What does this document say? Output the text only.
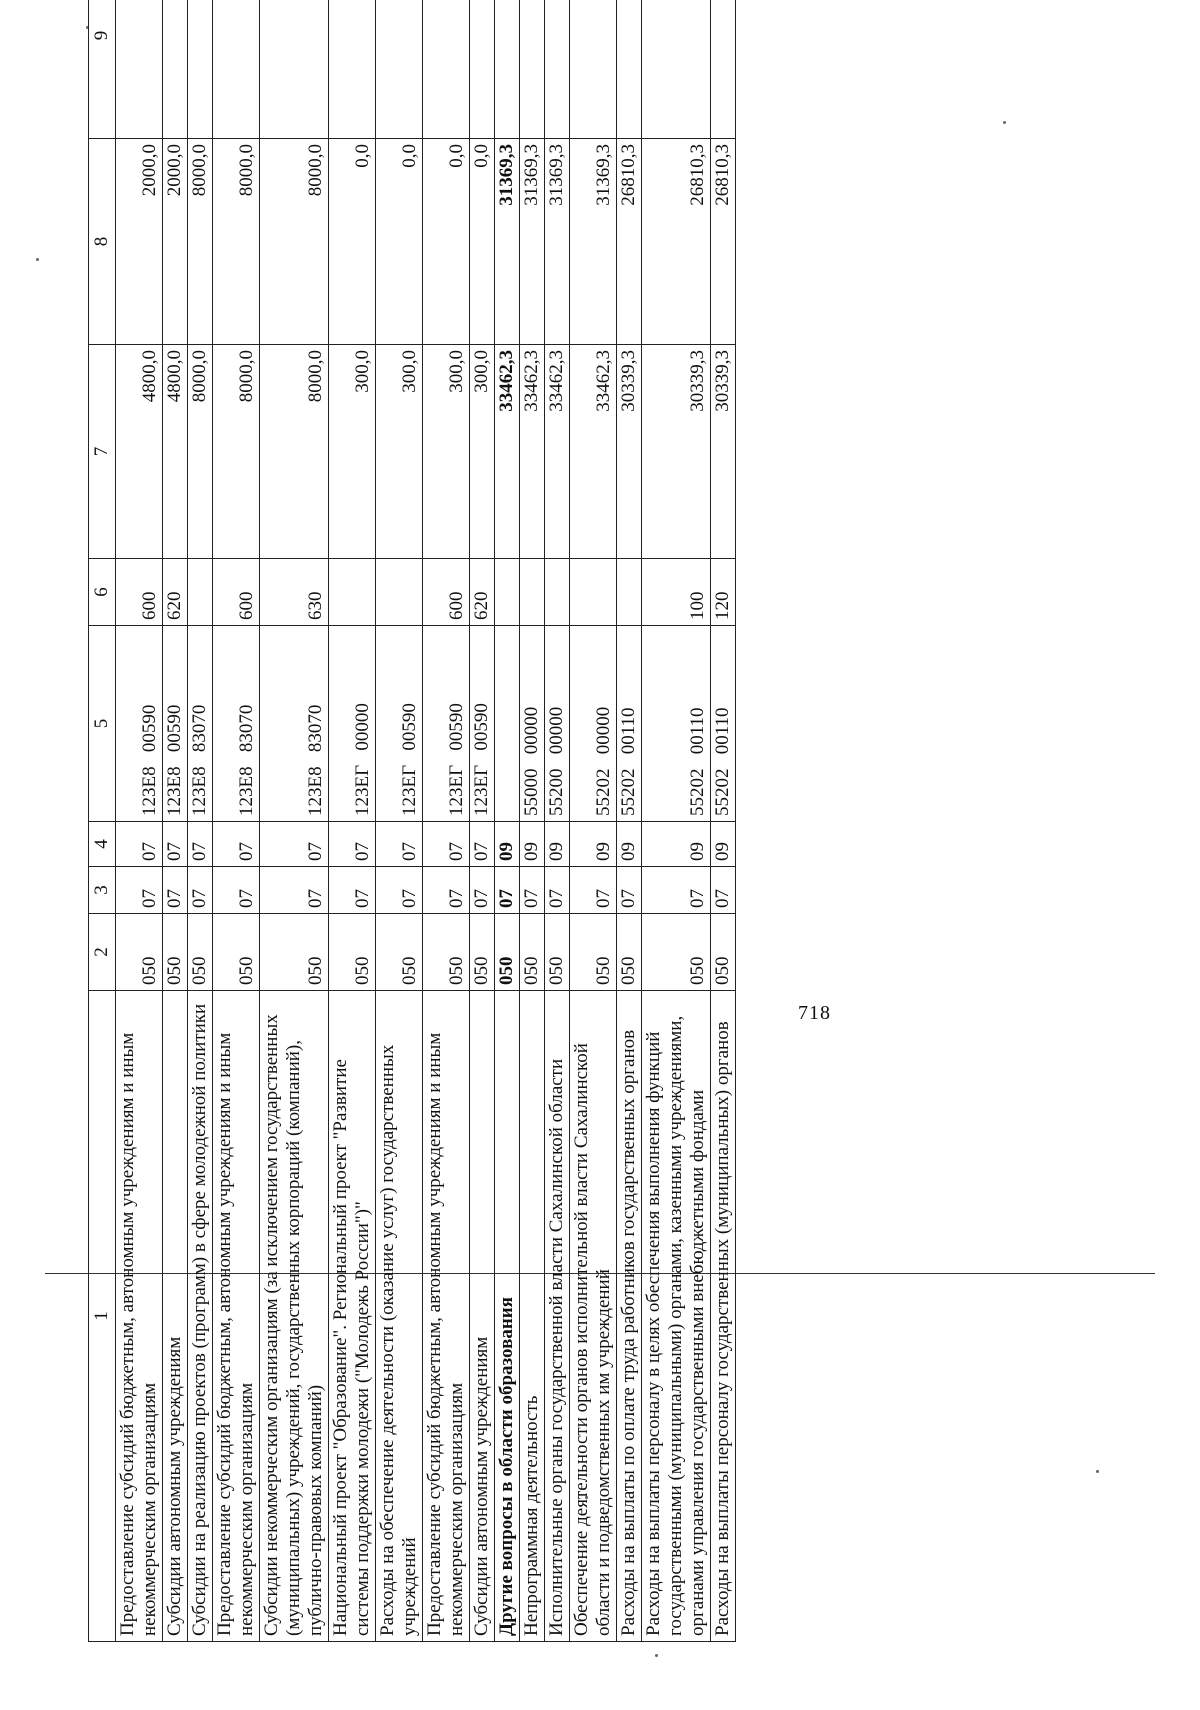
718
1	2	3	4	5	6	7	8	9
Предоставление субсидий бюджетным, автономным учреждениям и иным некоммерческим организациям	050	07	07	123E8   00590	600	4800,0	2000,0	
Субсидии автономным учреждениям	050	07	07	123E8   00590	620	4800,0	2000,0	
Субсидии на реализацию проектов (программ) в сфере молодежной политики	050	07	07	123E8   83070		8000,0	8000,0	
Предоставление субсидий бюджетным, автономным учреждениям и иным некоммерческим организациям	050	07	07	123E8   83070	600	8000,0	8000,0	
Субсидии некоммерческим организациям (за исключением государственных (муниципальных) учреждений, государственных корпораций (компаний), публично-правовых компаний)	050	07	07	123E8   83070	630	8000,0	8000,0	
Национальный проект "Образование". Региональный проект "Развитие системы поддержки молодежи ("Молодежь России")"	050	07	07	123ЕГ   00000		300,0	0,0	
Расходы на обеспечение деятельности (оказание услуг) государственных учреждений	050	07	07	123ЕГ   00590		300,0	0,0	
Предоставление субсидий бюджетным, автономным учреждениям и иным некоммерческим организациям	050	07	07	123ЕГ   00590	600	300,0	0,0	
Субсидии автономным учреждениям	050	07	07	123ЕГ   00590	620	300,0	0,0	
Другие вопросы в области образования	050	07	09			33462,3	31369,3	
Непрограммная деятельность	050	07	09	55000   00000		33462,3	31369,3	
Исполнительные органы государственной власти Сахалинской области	050	07	09	55200   00000		33462,3	31369,3	
Обеспечение деятельности органов исполнительной власти Сахалинской области и подведомственных им учреждений	050	07	09	55202   00000		33462,3	31369,3	
Расходы на выплаты по оплате труда работников государственных органов	050	07	09	55202   00110		30339,3	26810,3	
Расходы на выплаты персоналу в целях обеспечения выполнения функций государственными (муниципальными) органами, казенными учреждениями, органами управления государственными внебюджетными фондами	050	07	09	55202   00110	100	30339,3	26810,3	
Расходы на выплаты персоналу государственных (муниципальных) органов	050	07	09	55202   00110	120	30339,3	26810,3	
